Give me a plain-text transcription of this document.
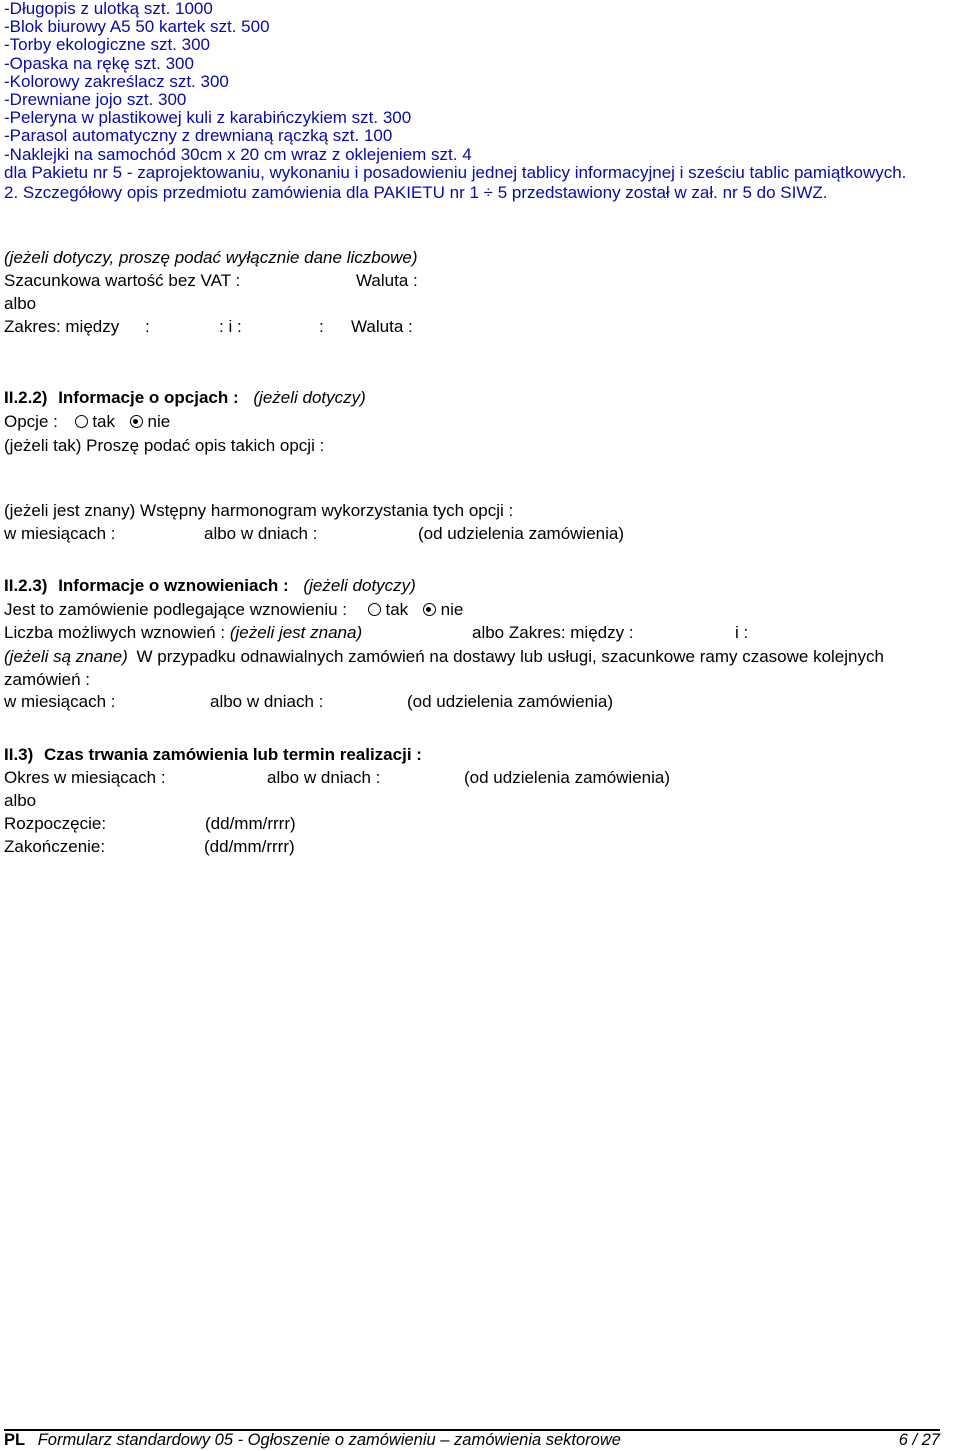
-Długopis z ulotką szt. 1000
-Blok biurowy A5 50 kartek szt. 500
-Torby ekologiczne szt. 300
-Opaska na rękę szt. 300
-Kolorowy zakreślacz szt. 300
-Drewniane jojo szt. 300
-Peleryna w plastikowej kuli z karabińczykiem szt. 300
-Parasol automatyczny z drewnianą rączką szt. 100
-Naklejki na samochód 30cm x 20 cm wraz z oklejeniem szt. 4
dla Pakietu nr 5 - zaprojektowaniu, wykonaniu i posadowieniu jednej tablicy informacyjnej i sześciu tablic pamiątkowych.
2. Szczegółowy opis przedmiotu zamówienia dla PAKIETU nr 1 ÷ 5 przedstawiony został w zał. nr 5 do SIWZ.
(jeżeli dotyczy, proszę podać wyłącznie dane liczbowe)
Szacunkowa wartość bez VAT :	Waluta :
albo
Zakres: między :	: i :	: Waluta :
II.2.2) Informacje o opcjach : (jeżeli dotyczy)
Opcje : tak nie
(jeżeli tak) Proszę podać opis takich opcji :
(jeżeli jest znany) Wstępny harmonogram wykorzystania tych opcji :
w miesiącach :	albo w dniach :	(od udzielenia zamówienia)
II.2.3) Informacje o wznowieniach : (jeżeli dotyczy)
Jest to zamówienie podlegające wznowieniu : tak nie
Liczba możliwych wznowień : (jeżeli jest znana)	albo Zakres: między :	i :
(jeżeli są znane) W przypadku odnawialnych zamówień na dostawy lub usługi, szacunkowe ramy czasowe kolejnych zamówień :
w miesiącach :	albo w dniach :	(od udzielenia zamówienia)
II.3) Czas trwania zamówienia lub termin realizacji :
Okres w miesiącach :	albo w dniach :	(od udzielenia zamówienia)
albo
Rozpoczęcie:	(dd/mm/rrrr)
Zakończenie:	(dd/mm/rrrr)
PL Formularz standardowy 05 - Ogłoszenie o zamówieniu – zamówienia sektorowe	6 / 27
